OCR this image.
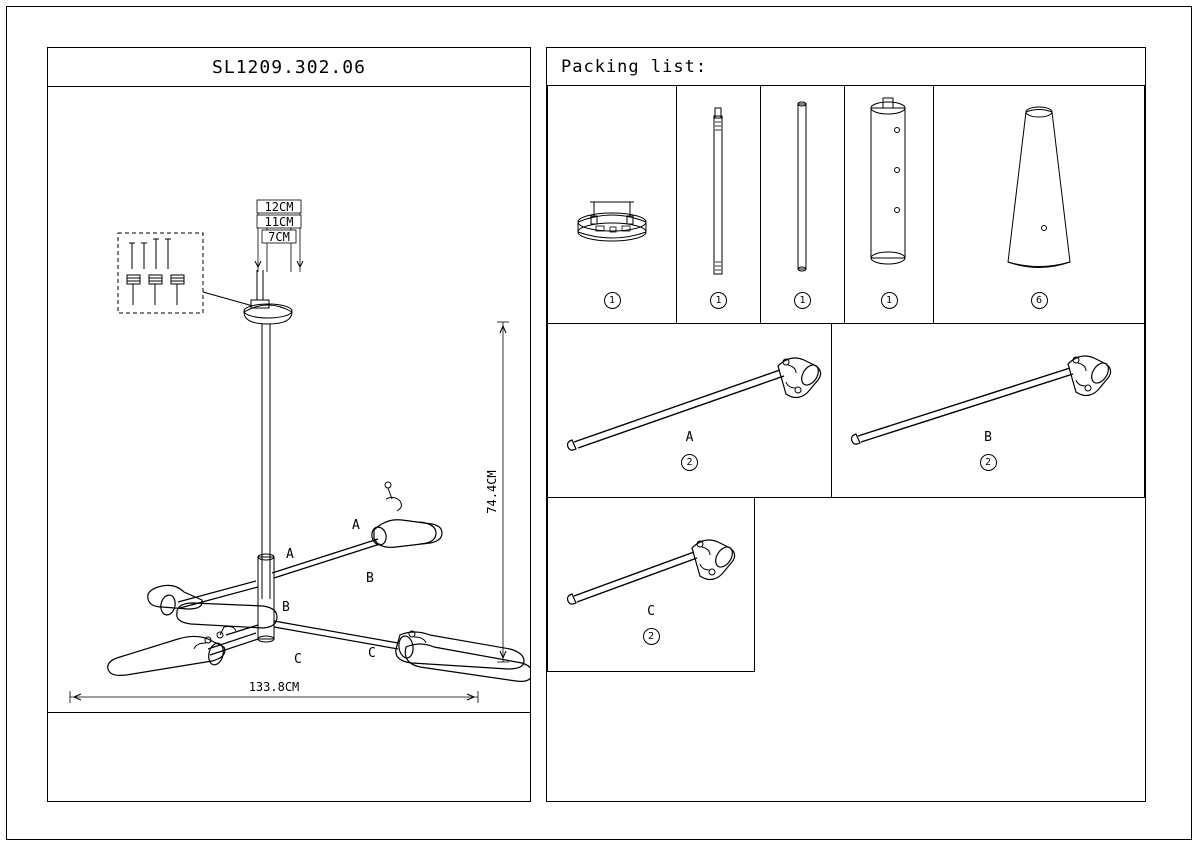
SL1209.302.06
12CM
11CM
7CM
A
A
B
B
C	C
74.4CM
133.8CM
Packing list:
1	1	1	1	6
A
2
B
2
C
2
